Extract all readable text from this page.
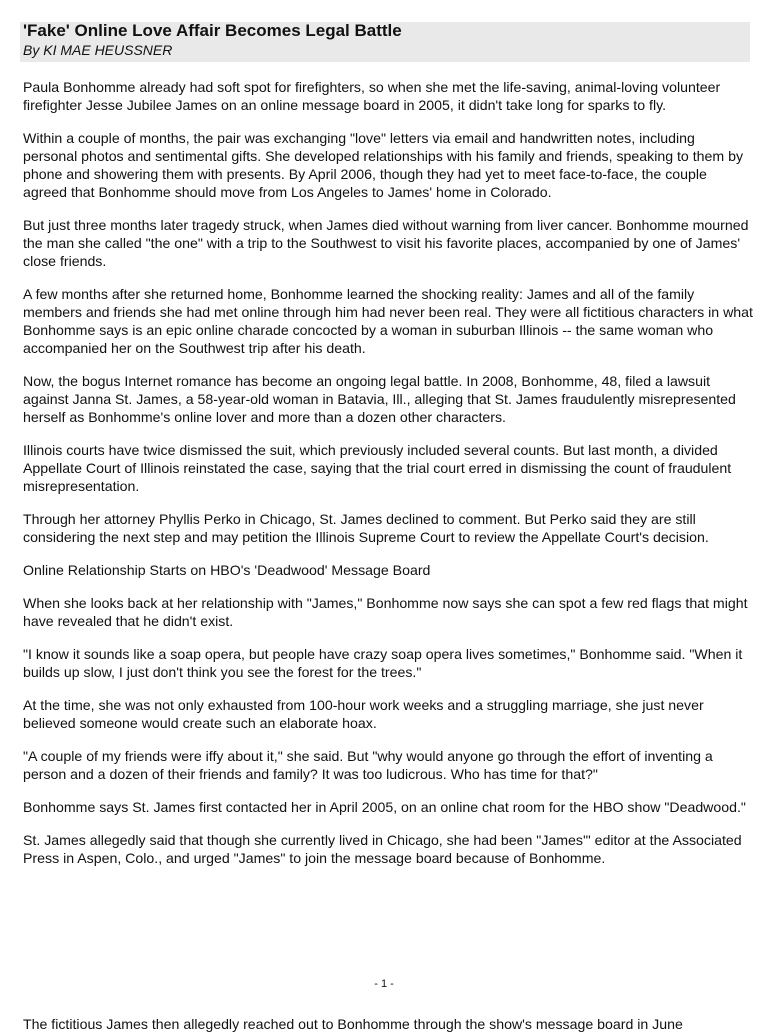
'Fake' Online Love Affair Becomes Legal Battle
By KI MAE HEUSSNER

Paula Bonhomme already had soft spot for firefighters, so when she met the life-saving, animal-loving volunteer firefighter Jesse Jubilee James on an online message board in 2005, it didn't take long for sparks to fly.

Within a couple of months, the pair was exchanging "love" letters via email and handwritten notes, including personal photos and sentimental gifts. She developed relationships with his family and friends, speaking to them by phone and showering them with presents. By April 2006, though they had yet to meet face-to-face, the couple agreed that Bonhomme should move from Los Angeles to James' home in Colorado.

But just three months later tragedy struck, when James died without warning from liver cancer. Bonhomme mourned the man she called "the one" with a trip to the Southwest to visit his favorite places, accompanied by one of James' close friends.

A few months after she returned home, Bonhomme learned the shocking reality: James and all of the family members and friends she had met online through him had never been real. They were all fictitious characters in what Bonhomme says is an epic online charade concocted by a woman in suburban Illinois -- the same woman who accompanied her on the Southwest trip after his death.

Now, the bogus Internet romance has become an ongoing legal battle. In 2008, Bonhomme, 48, filed a lawsuit against Janna St. James, a 58-year-old woman in Batavia, Ill., alleging that St. James fraudulently misrepresented herself as Bonhomme's online lover and more than a dozen other characters.

Illinois courts have twice dismissed the suit, which previously included several counts. But last month, a divided Appellate Court of Illinois reinstated the case, saying that the trial court erred in dismissing the count of fraudulent misrepresentation.

Through her attorney Phyllis Perko in Chicago, St. James declined to comment. But Perko said they are still considering the next step and may petition the Illinois Supreme Court to review the Appellate Court's decision.

Online Relationship Starts on HBO's 'Deadwood' Message Board

When she looks back at her relationship with "James," Bonhomme now says she can spot a few red flags that might have revealed that he didn't exist.

"I know it sounds like a soap opera, but people have crazy soap opera lives sometimes," Bonhomme said. "When it builds up slow, I just don't think you see the forest for the trees."

At the time, she was not only exhausted from 100-hour work weeks and a struggling marriage, she just never believed someone would create such an elaborate hoax.

"A couple of my friends were iffy about it," she said. But "why would anyone go through the effort of inventing a person and a dozen of their friends and family? It was too ludicrous. Who has time for that?"

Bonhomme says St. James first contacted her in April 2005, on an online chat room for the HBO show "Deadwood."

St. James allegedly said that though she currently lived in Chicago, she had been "James'" editor at the Associated Press in Aspen, Colo., and urged "James" to join the message board because of Bonhomme.

- 1 -
The fictitious James then allegedly reached out to Bonhomme through the show's message board in June
